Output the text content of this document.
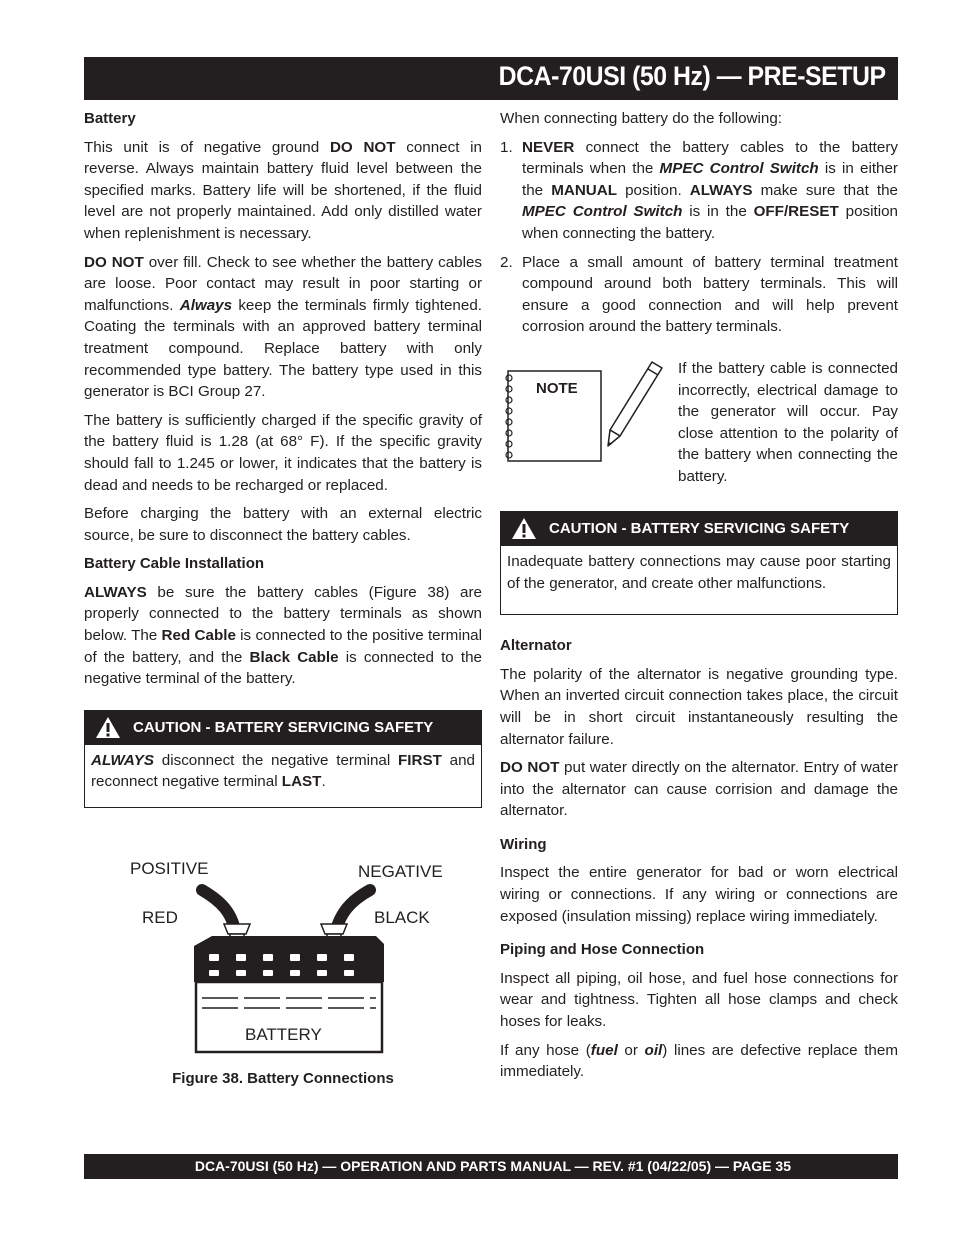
DCA-70USI (50 Hz) — PRE-SETUP
Battery

This unit is of negative ground DO NOT connect in reverse. Always maintain battery fluid level between the specified marks. Battery life will be shortened, if the fluid level are not properly maintained. Add only distilled water when replenishment is necessary.

DO NOT over fill. Check to see whether the battery cables are loose. Poor contact may result in poor starting or malfunctions. Always keep the terminals firmly tightened. Coating the terminals with an approved battery terminal treatment compound. Replace battery with only recommended type battery. The battery type used in this generator is BCI Group 27.

The battery is sufficiently charged if the specific gravity of the battery fluid is 1.28 (at 68° F). If the specific gravity should fall to 1.245 or lower, it indicates that the battery is dead and needs to be recharged or replaced.

Before charging the battery with an external electric source, be sure to disconnect the battery cables.

Battery Cable Installation

ALWAYS be sure the battery cables (Figure 38) are properly connected to the battery terminals as shown below. The Red Cable is connected to the positive terminal of the battery, and the Black Cable is connected to the negative terminal of the battery.

CAUTION - BATTERY SERVICING SAFETY
ALWAYS disconnect the negative terminal FIRST and reconnect negative terminal LAST.
POSITIVE	NEGATIVE
RED	BLACK
BATTERY
Figure 38. Battery Connections

When connecting battery do the following:

1. NEVER connect the battery cables to the battery terminals when the MPEC Control Switch is in either the MANUAL position. ALWAYS make sure that the MPEC Control Switch is in the OFF/RESET position when connecting the battery.
2. Place a small amount of battery terminal treatment compound around both battery terminals. This will ensure a good connection and will help prevent corrosion around the battery terminals.
NOTE
If the battery cable is connected incorrectly, electrical damage to the generator will occur. Pay close attention to the polarity of the battery when connecting the battery.
CAUTION - BATTERY SERVICING SAFETY
Inadequate battery connections may cause poor starting of the generator, and create other malfunctions.
Alternator

The polarity of the alternator is negative grounding type. When an inverted circuit connection takes place, the circuit will be in short circuit instantaneously resulting the alternator failure.

DO NOT put water directly on the alternator. Entry of water into the alternator can cause corrision and damage the alternator.

Wiring

Inspect the entire generator for bad or worn electrical wiring or connections. If any wiring or connections are exposed (insulation missing) replace wiring immediately.

Piping and Hose Connection

Inspect all piping, oil hose, and fuel hose connections for wear and tightness. Tighten all hose clamps and check hoses for leaks.

If any hose (fuel or oil) lines are defective replace them immediately.

DCA-70USI (50 Hz) — OPERATION AND PARTS MANUAL — REV. #1 (04/22/05) — PAGE 35
